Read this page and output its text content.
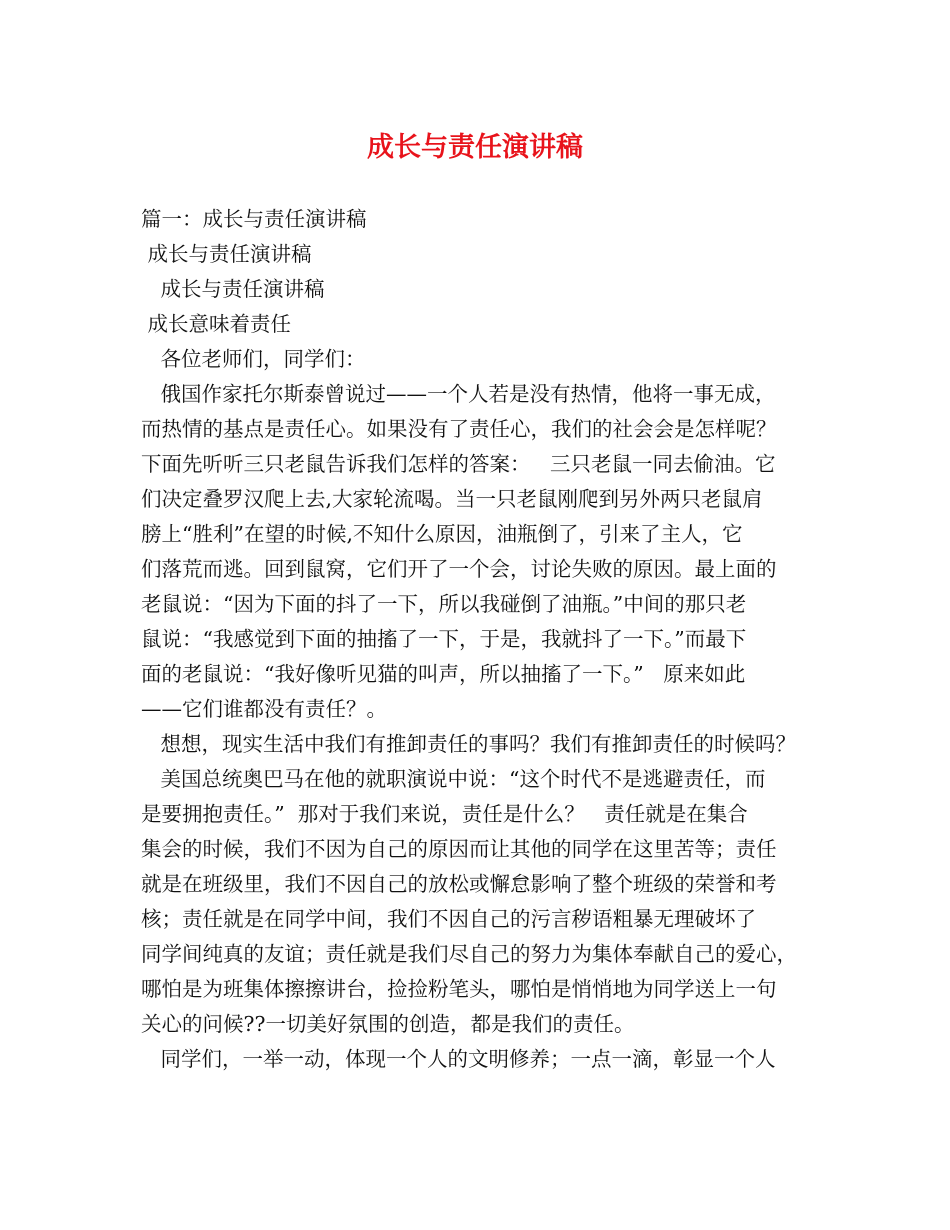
成长与责任演讲稿
篇一：成长与责任演讲稿
成长与责任演讲稿
成长与责任演讲稿
成长意味着责任
各位老师们，同学们：
俄国作家托尔斯泰曾说过——一个人若是没有热情，他将一事无成，
而热情的基点是责任心。如果没有了责任心，我们的社会会是怎样呢？
下面先听听三只老鼠告诉我们怎样的答案：   三只老鼠一同去偷油。它
们决定叠罗汉爬上去,大家轮流喝。当一只老鼠刚爬到另外两只老鼠肩
膀上“胜利”在望的时候,不知什么原因，油瓶倒了，引来了主人，它
们落荒而逃。回到鼠窝，它们开了一个会，讨论失败的原因。最上面的
老鼠说：“因为下面的抖了一下，所以我碰倒了油瓶。”中间的那只老
鼠说：“我感觉到下面的抽搐了一下，于是，我就抖了一下。”而最下
面的老鼠说：“我好像听见猫的叫声，所以抽搐了一下。”   原来如此
——它们谁都没有责任？。
想想，现实生活中我们有推卸责任的事吗？我们有推卸责任的时候吗？
美国总统奥巴马在他的就职演说中说：“这个时代不是逃避责任，而
是要拥抱责任。”  那对于我们来说，责任是什么？   责任就是在集合
集会的时候，我们不因为自己的原因而让其他的同学在这里苦等；责任
就是在班级里，我们不因自己的放松或懈怠影响了整个班级的荣誉和考
核；责任就是在同学中间，我们不因自己的污言秽语粗暴无理破坏了
同学间纯真的友谊；责任就是我们尽自己的努力为集体奉献自己的爱心，
哪怕是为班集体擦擦讲台，捡捡粉笔头，哪怕是悄悄地为同学送上一句
关心的问候??一切美好氛围的创造，都是我们的责任。
同学们，一举一动，体现一个人的文明修养；一点一滴，彰显一个人
